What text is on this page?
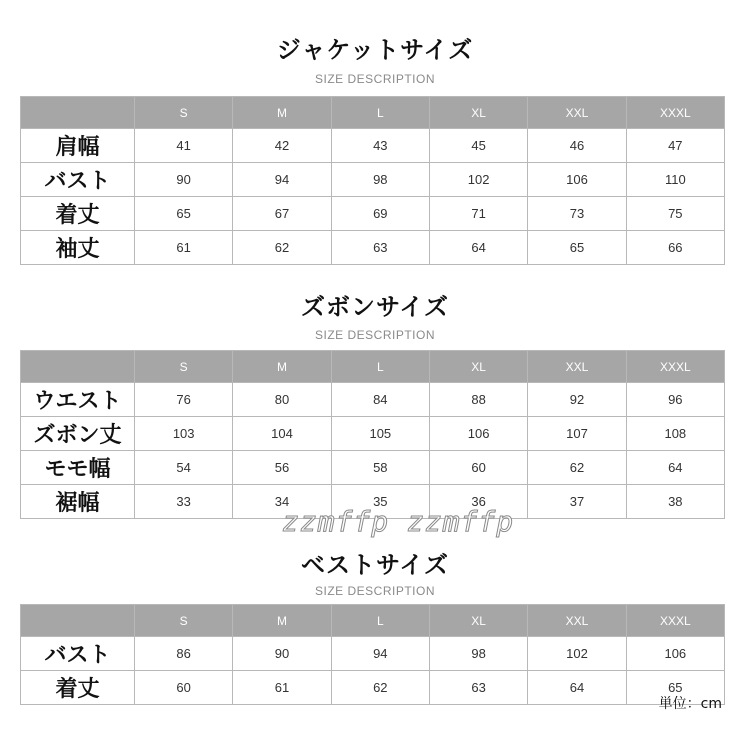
ジャケットサイズ
SIZE DESCRIPTION
	S	M	L	XL	XXL	XXXL
肩幅	41	42	43	45	46	47
バスト	90	94	98	102	106	110
着丈	65	67	69	71	73	75
袖丈	61	62	63	64	65	66
ズボンサイズ
SIZE DESCRIPTION
	S	M	L	XL	XXL	XXXL
ウエスト	76	80	84	88	92	96
ズボン丈	103	104	105	106	107	108
モモ幅	54	56	58	60	62	64
裾幅	33	34	35	36	37	38
ベストサイズ
SIZE DESCRIPTION
	S	M	L	XL	XXL	XXXL
バスト	86	90	94	98	102	106
着丈	60	61	62	63	64	65
単位：cm
zzmffp zzmffp
